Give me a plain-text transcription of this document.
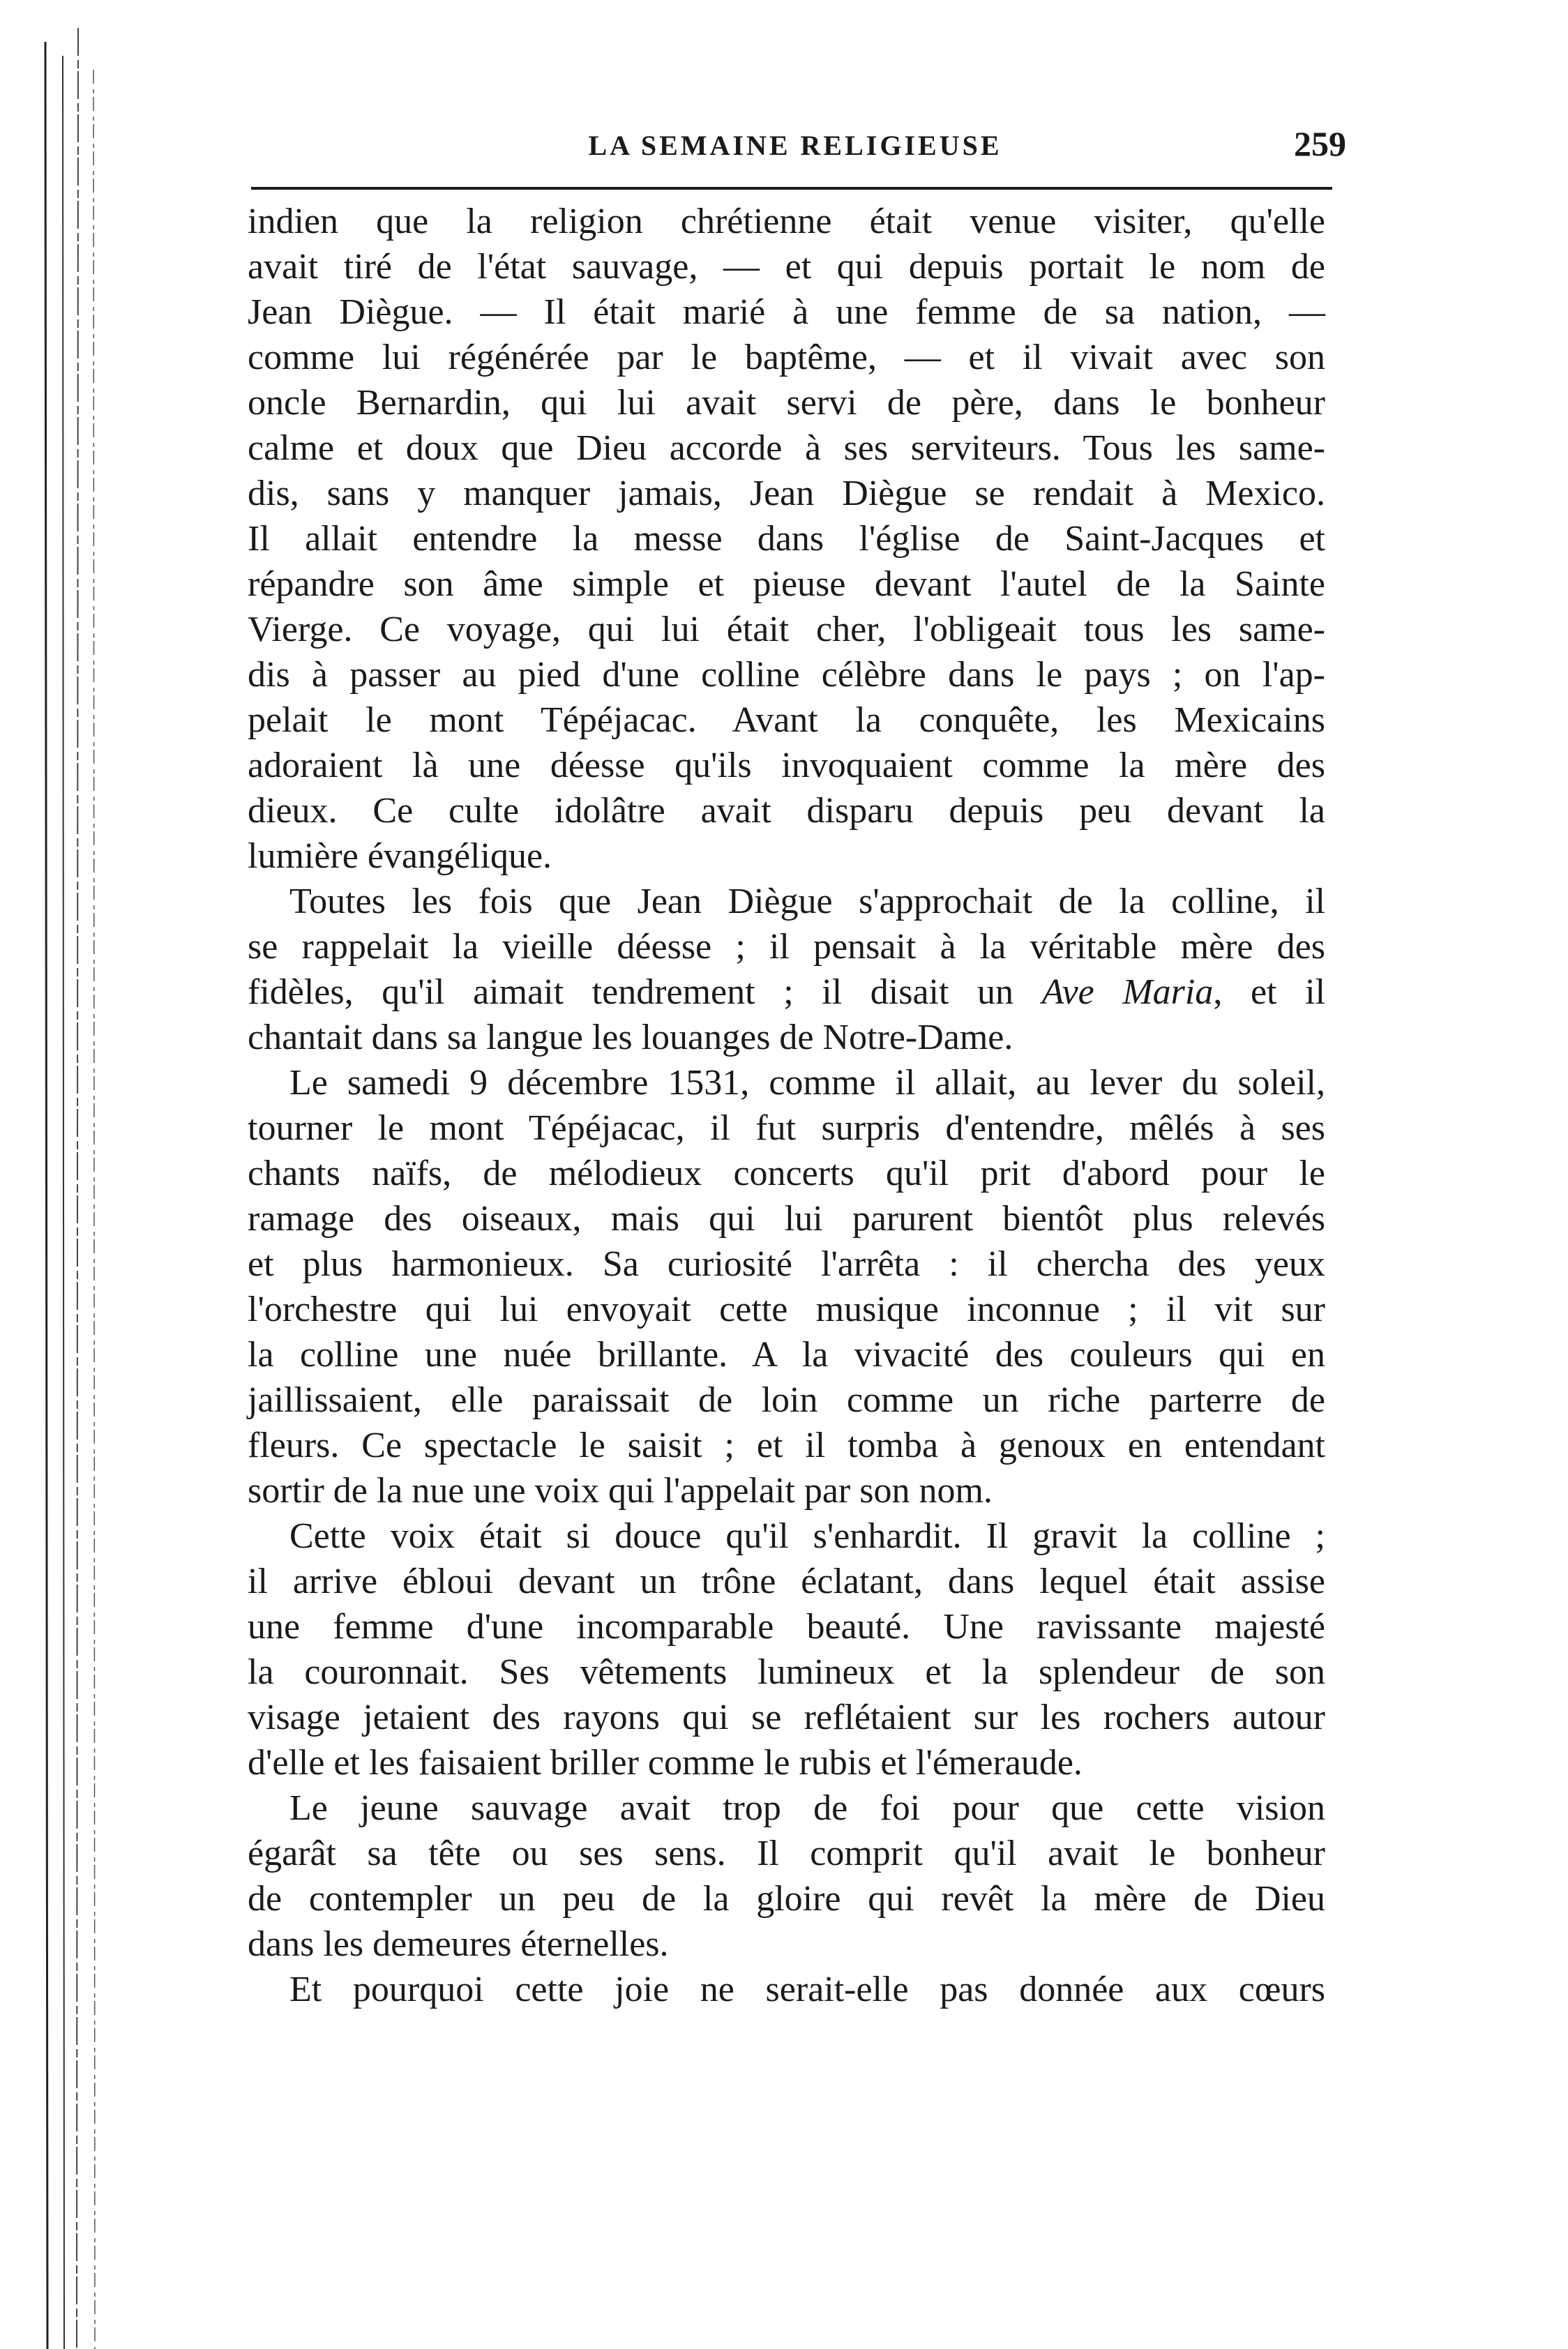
LA SEMAINE RELIGIEUSE	259
indien que la religion chrétienne était venue visiter, qu'elle
avait tiré de l'état sauvage, — et qui depuis portait le nom de
Jean Diègue. — Il était marié à une femme de sa nation, —
comme lui régénérée par le baptême, — et il vivait avec son
oncle Bernardin, qui lui avait servi de père, dans le bonheur
calme et doux que Dieu accorde à ses serviteurs. Tous les same-
dis, sans y manquer jamais, Jean Diègue se rendait à Mexico.
Il allait entendre la messe dans l'église de Saint-Jacques et
répandre son âme simple et pieuse devant l'autel de la Sainte
Vierge. Ce voyage, qui lui était cher, l'obligeait tous les same-
dis à passer au pied d'une colline célèbre dans le pays ; on l'ap-
pelait le mont Tépéjacac. Avant la conquête, les Mexicains
adoraient là une déesse qu'ils invoquaient comme la mère des
dieux. Ce culte idolâtre avait disparu depuis peu devant la
lumière évangélique.
Toutes les fois que Jean Diègue s'approchait de la colline, il
se rappelait la vieille déesse ; il pensait à la véritable mère des
fidèles, qu'il aimait tendrement ; il disait un Ave Maria, et il
chantait dans sa langue les louanges de Notre-Dame.
Le samedi 9 décembre 1531, comme il allait, au lever du soleil,
tourner le mont Tépéjacac, il fut surpris d'entendre, mêlés à ses
chants naïfs, de mélodieux concerts qu'il prit d'abord pour le
ramage des oiseaux, mais qui lui parurent bientôt plus relevés
et plus harmonieux. Sa curiosité l'arrêta : il chercha des yeux
l'orchestre qui lui envoyait cette musique inconnue ; il vit sur
la colline une nuée brillante. A la vivacité des couleurs qui en
jaillissaient, elle paraissait de loin comme un riche parterre de
fleurs. Ce spectacle le saisit ; et il tomba à genoux en entendant
sortir de la nue une voix qui l'appelait par son nom.
Cette voix était si douce qu'il s'enhardit. Il gravit la colline ;
il arrive ébloui devant un trône éclatant, dans lequel était assise
une femme d'une incomparable beauté. Une ravissante majesté
la couronnait. Ses vêtements lumineux et la splendeur de son
visage jetaient des rayons qui se reflétaient sur les rochers autour
d'elle et les faisaient briller comme le rubis et l'émeraude.
Le jeune sauvage avait trop de foi pour que cette vision
égarât sa tête ou ses sens. Il comprit qu'il avait le bonheur
de contempler un peu de la gloire qui revêt la mère de Dieu
dans les demeures éternelles.
Et pourquoi cette joie ne serait-elle pas donnée aux cœurs
